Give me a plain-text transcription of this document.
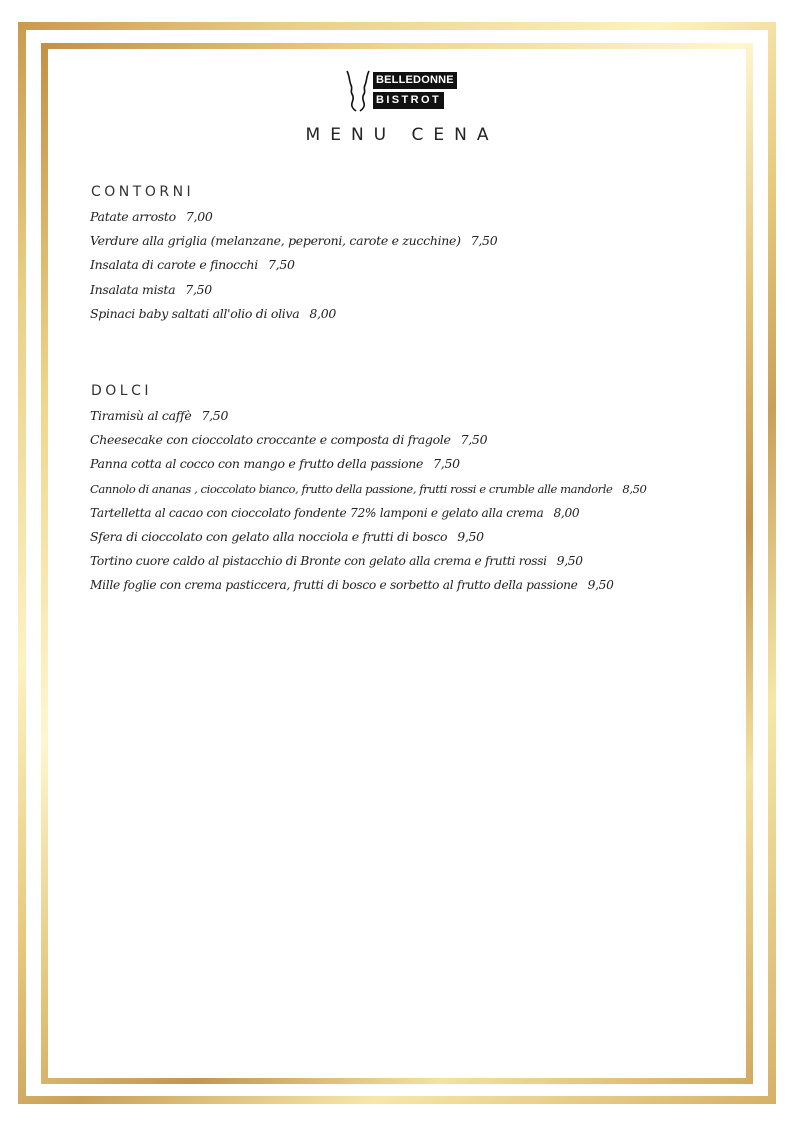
BELLEDONNE
BISTROT
MENU CENA
CONTORNI
Patate arrosto 7,00
Verdure alla griglia (melanzane, peperoni, carote e zucchine) 7,50
Insalata di carote e finocchi 7,50
Insalata mista 7,50
Spinaci baby saltati all'olio di oliva 8,00
DOLCI
Tiramisù al caffè 7,50
Cheesecake con cioccolato croccante e composta di fragole 7,50
Panna cotta al cocco con mango e frutto della passione 7,50
Cannolo di ananas , cioccolato bianco, frutto della passione, frutti rossi e crumble alle mandorle 8,50
Tartelletta al cacao con cioccolato fondente 72% lamponi e gelato alla crema 8,00
Sfera di cioccolato con gelato alla nocciola e frutti di bosco 9,50
Tortino cuore caldo al pistacchio di Bronte con gelato alla crema e frutti rossi 9,50
Mille foglie con crema pasticcera, frutti di bosco e sorbetto al frutto della passione 9,50
